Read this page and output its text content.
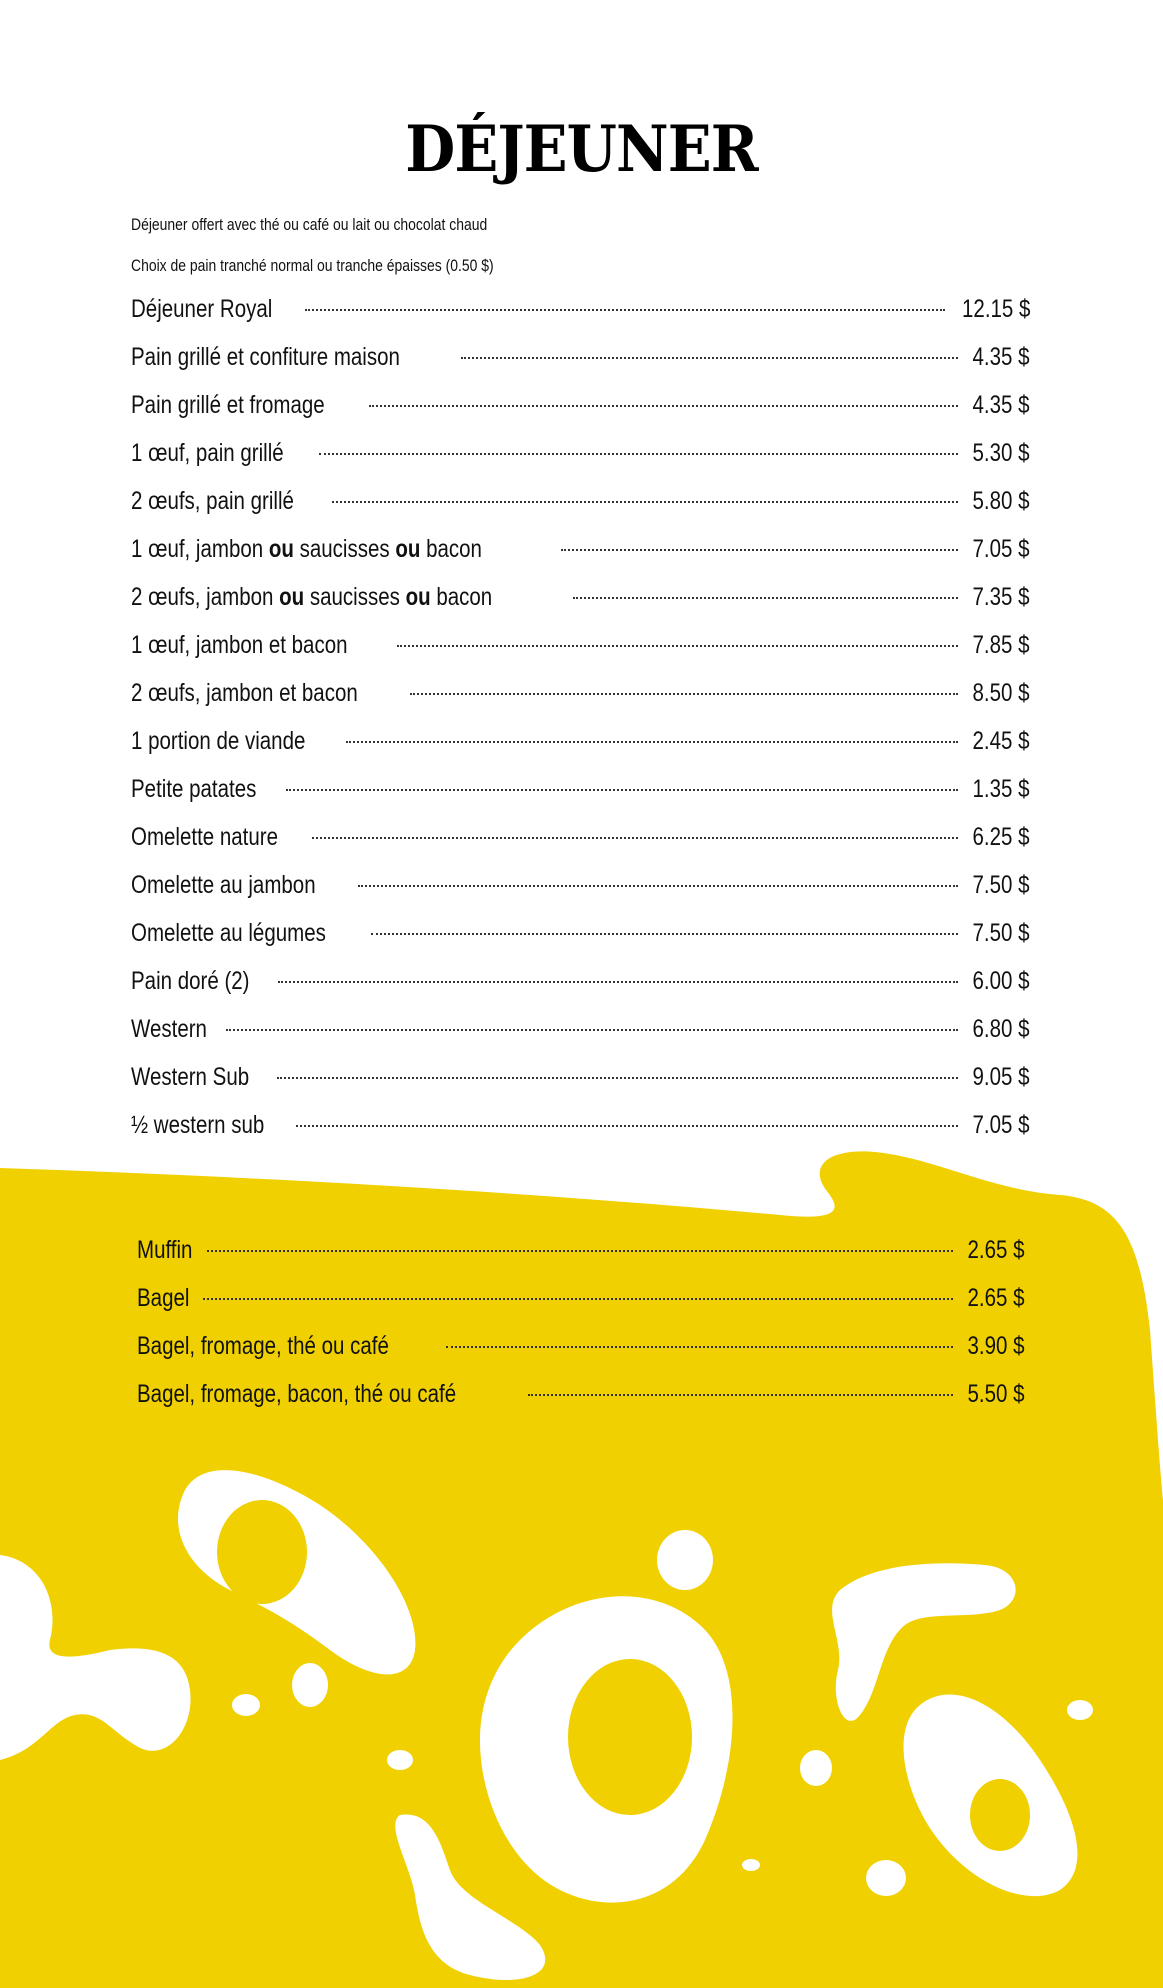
DÉJEUNER
Déjeuner offert avec thé ou café ou lait ou chocolat chaud
Choix de pain tranché normal ou tranche épaisses (0.50 $)
Déjeuner Royal	12.15 $
Pain grillé et confiture maison	4.35 $
Pain grillé et fromage	4.35 $
1 œuf, pain grillé	5.30 $
2 œufs, pain grillé	5.80 $
1 œuf, jambon ou saucisses ou bacon	7.05 $
2 œufs, jambon ou saucisses ou bacon	7.35 $
1 œuf, jambon et bacon	7.85 $
2 œufs, jambon et bacon	8.50 $
1 portion de viande	2.45 $
Petite patates	1.35 $
Omelette nature	6.25 $
Omelette au jambon	7.50 $
Omelette au légumes	7.50 $
Pain doré (2)	6.00 $
Western	6.80 $
Western Sub	9.05 $
½ western sub	7.05 $
Muffin	2.65 $
Bagel	2.65 $
Bagel, fromage, thé ou café	3.90 $
Bagel, fromage, bacon, thé ou café	5.50 $
